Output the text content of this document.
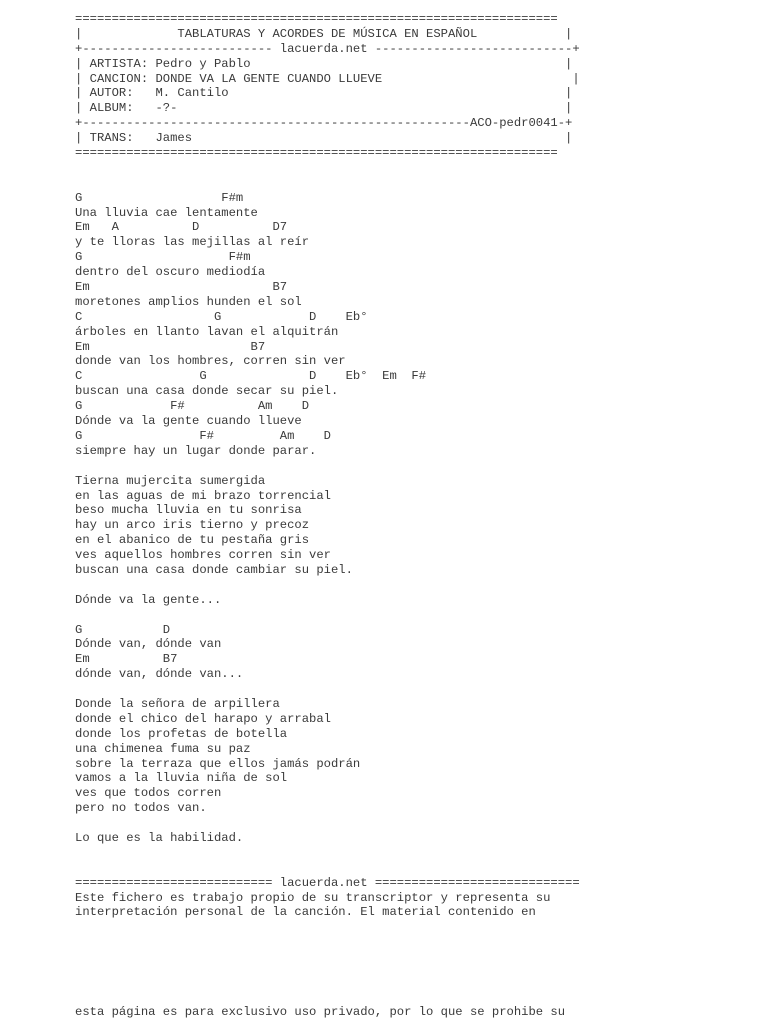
==================================================================
|             TABLATURAS Y ACORDES DE MÚSICA EN ESPAÑOL            |
+-------------------------- lacuerda.net ---------------------------+
| ARTISTA: Pedro y Pablo                                           |
| CANCION: DONDE VA LA GENTE CUANDO LLUEVE                          |
| AUTOR:   M. Cantilo                                              |
| ALBUM:   -?-                                                     |
+-----------------------------------------------------ACO-pedr0041-+
| TRANS:   James                                                   |
==================================================================
G                   F#m
Una lluvia cae lentamente
Em   A          D          D7
y te lloras las mejillas al reír
G                    F#m
dentro del oscuro mediodía
Em                         B7
moretones amplios hunden el sol
C                  G            D    Eb°
árboles en llanto lavan el alquitrán
Em                      B7
donde van los hombres, corren sin ver
C                G              D    Eb°  Em  F#
buscan una casa donde secar su piel.
G            F#          Am    D
Dónde va la gente cuando llueve
G                F#         Am    D
siempre hay un lugar donde parar.
Tierna mujercita sumergida
en las aguas de mi brazo torrencial
beso mucha lluvia en tu sonrisa
hay un arco iris tierno y precoz
en el abanico de tu pestaña gris
ves aquellos hombres corren sin ver
buscan una casa donde cambiar su piel.
Dónde va la gente...
G           D
Dónde van, dónde van
Em          B7
dónde van, dónde van...
Donde la señora de arpillera
donde el chico del harapo y arrabal
donde los profetas de botella
una chimenea fuma su paz
sobre la terraza que ellos jamás podrán
vamos a la lluvia niña de sol
ves que todos corren
pero no todos van.
Lo que es la habilidad.
=========================== lacuerda.net ============================
Este fichero es trabajo propio de su transcriptor y representa su
interpretación personal de la canción. El material contenido en
esta página es para exclusivo uso privado, por lo que se prohibe su
